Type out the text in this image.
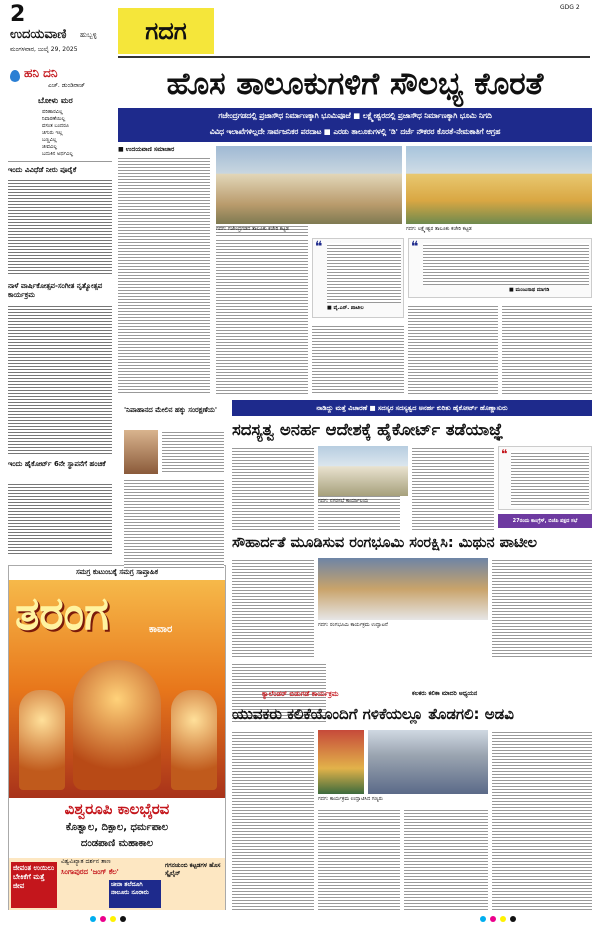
2
ಉದಯವಾಣಿ ಹುಬ್ಬಳ್ಳಿ
ಮಂಗಳವಾರ, ಜುಲೈ 29, 2025
ಗದಗ
GDG 2
ಹನಿ ದನಿ
ಎಚ್. ಡುಂಡಿರಾಜ್
ಬೋಳು ಮರ
ಪರಿಹಾರವಿಲ್ಲ
ನಿವಾರಣೆಯಿಲ್ಲ
ವಸಂತ ಬಂದರೂ
ಚಿಗುರು ಇಲ್ಲ
ಬಣ್ಣವಿಲ್ಲ
ಜೀವವಿಲ್ಲ
ಬದುಕಿನ ಅರ್ಥವಿಲ್ಲ
ಇಂದು ವಿವಿಧೆಡೆ ನೀರು ಪೂರೈಕೆ
ನಾಳೆ ವಾರ್ಷಿಕೋತ್ಸವ-ಸಂಗೀತ ನೃತ್ಯೋತ್ಸವ ಕಾರ್ಯಕ್ರಮ
ಇಂದು ಹೈಕೋರ್ಟ್ 6ನೇ ಸ್ಥಾಪನೆಗೆ ಹಂಚಿಕೆ
ಸಮಗ್ರ ಕುಟುಂಬಕ್ಕೆ ಸಮಗ್ರ ಸಾಪ್ತಾಹಿಕ
ತರಂಗ	ಕಾವಾರ
ವಿಶ್ವರೂಪಿ ಕಾಲಭೈರವ
ಕೊತ್ವಾಲ, ದಿಕ್ಪಾಲ, ಧರ್ಮಪಾಲ
ದಂಡಪಾಣಿ ಮಹಾಕಾಲ
ಜೀವಂತ ಉಯಿಲು ಬೇಕಿಕೆಗೆ ಮತ್ತೆ ಜೀವ
ವಿಶ್ವವಿಖ್ಯಾತ ದರ್ಶನ ತಾಣ
ಸಿಂಗಾಪುರದ 'ಜಂಗ್ ಕೆಲ'
ಚೀನಾ ತಲೆದೂಗಿ ನಾಲೂರು ನೂರಾರು
ಗಗನಚುಂಬಿ ಕಟ್ಟಡಗಳ ಹೊಸ ಸ್ಕೈಲೈನ್
ಹೊಸ ತಾಲೂಕುಗಳಿಗೆ ಸೌಲಭ್ಯ ಕೊರತೆ
ಗಜೇಂದ್ರಗಡದಲ್ಲಿ ಪ್ರಜಾಸೌಧ ನಿರ್ಮಾಣಕ್ಕಾಗಿ ಭೂಮಿಪೂಜೆ ■ ಲಕ್ಷ್ಮೇಶ್ವರದಲ್ಲಿ ಪ್ರಜಾಸೌಧ ನಿರ್ಮಾಣಕ್ಕಾಗಿ ಭೂಮಿ ನಿಗದಿ
ವಿವಿಧ ಇಲಾಖೆಗಳಿಲ್ಲದೇ ಸಾರ್ವಜನಿಕರ ಪರದಾಟ ■ ಎರಡು ತಾಲೂಕುಗಳಲ್ಲಿ 'ಡಿ' ದರ್ಜೆ ನೌಕರರ ಕೊರತೆ-ನೇಮಕಾತಿಗೆ ಆಗ್ರಹ
■ ಉದಯವಾಣಿ ಸಮಾಚಾರ
ಗದಗ: ಗಜೇಂದ್ರಗಡದ ತಾಲೂಕು ಕಚೇರಿ ಕಟ್ಟಡ	ಗದಗ: ಲಕ್ಷ್ಮೇಶ್ವರ ತಾಲೂಕು ಕಚೇರಿ ಕಟ್ಟಡ
❝
■ ವೈ.ಎನ್. ಪಾಟೀಲ
❝
■ ಮಂಜುನಾಥ ಮಾಗಡಿ
ನಾಡಿದ್ದು ಮತ್ತೆ ವಿಚಾರಣೆ ■ ಸದಸ್ಯರ ಸದಸ್ಯತ್ವದ ಅನರ್ಹ ಕುರಿತು ಹೈಕೋರ್ಟ್ ಹೊಣ್ಣಾಸುರು
ಸದಸ್ಯತ್ವ ಅನರ್ಹ ಆದೇಶಕ್ಕೆ ಹೈಕೋರ್ಟ್ ತಡೆಯಾಜ್ಞೆ
ಗದಗ: ನಗರಸಭೆ ಕಾರ್ಯಾಲಯ
❝
27ರಂದು ಕಾಂಗ್ರೆಸ್, ಬಿಜೆಪಿ ಪಕ್ಷದ ಸಭೆ
'ನಿಪಾಹಾನದ ಮೇಲಿನ ಹಕ್ಕು ಸಂರಕ್ಷಣೆಯ'
ಸೌಹಾರ್ದತೆ ಮೂಡಿಸುವ ರಂಗಭೂಮಿ ಸಂರಕ್ಷಿಸಿ: ಮಿಥುನ ಪಾಟೀಲ
ಗದಗ: ರಂಗಭೂಮಿ ಕಾರ್ಯಕ್ರಮ ಉದ್ಘಾಟನೆ
ಕ್ಯಾಲೆಂಡರ್ ಬಿಡುಗಡೆ ಕಾರ್ಯಕ್ರಮ	ಕಲಕರು ಕಲಿಕಾ ಮಾದರಿ ಅಧ್ಯಯನ
ಯುವಕರು ಕಲಿಕೆಯೊಂದಿಗೆ ಗಳಿಕೆಯಲ್ಲೂ ತೊಡಗಲಿ: ಅಡವಿ
ಗದಗ: ಕಾರ್ಯಕ್ರಮ ಉದ್ಘಾಟಿಸಿದ ಗಣ್ಯರು
